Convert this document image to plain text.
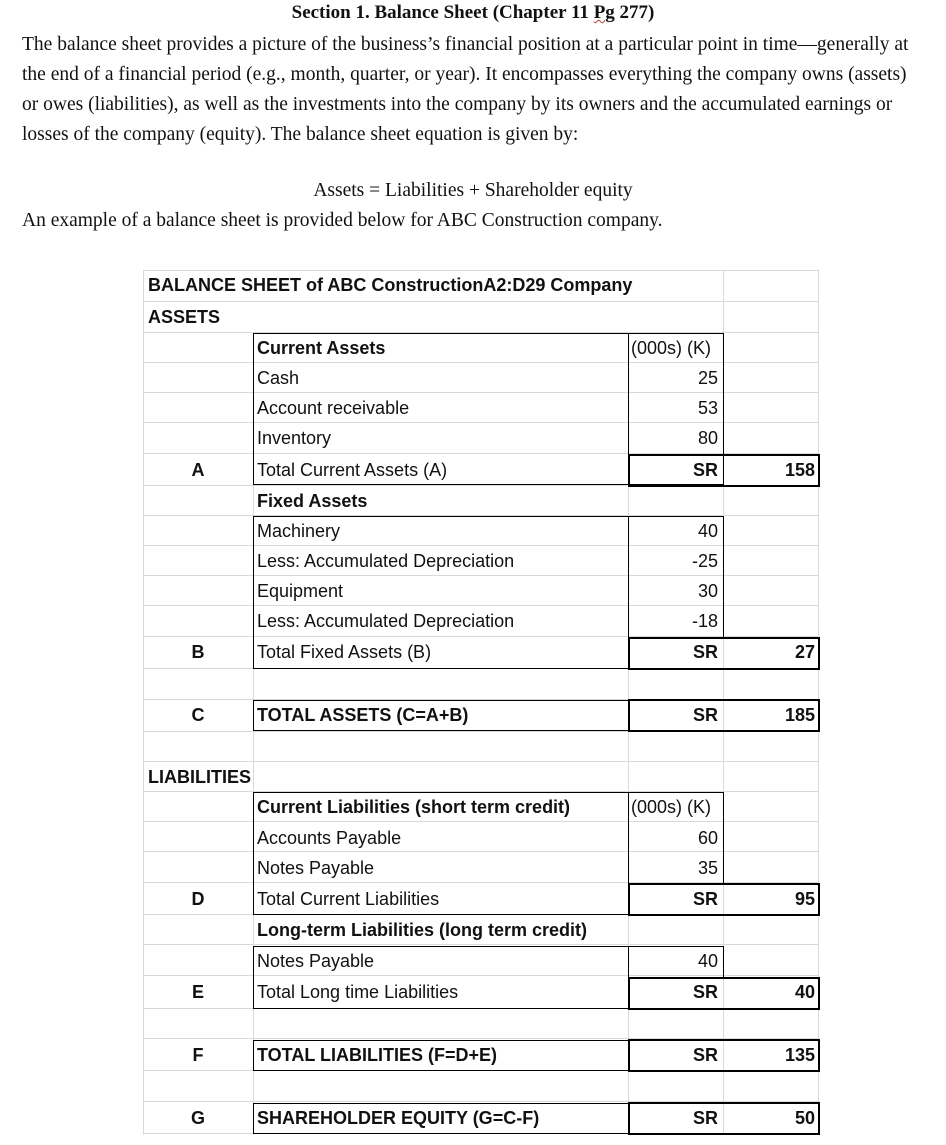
Section 1. Balance Sheet (Chapter 11 Pg 277)
The balance sheet provides a picture of the business’s financial position at a particular point in time—generally at the end of a financial period (e.g., month, quarter, or year). It encompasses everything the company owns (assets) or owes (liabilities), as well as the investments into the company by its owners and the accumulated earnings or losses of the company (equity). The balance sheet equation is given by:
Assets = Liabilities + Shareholder equity
An example of a balance sheet is provided below for ABC Construction company.
BALANCE SHEET of ABC ConstructionA2:D29 Company
ASSETS
Current Assets	(000s) (K)
Cash	25
Account receivable	53
Inventory	80
A	Total Current Assets (A)	SR	158
Fixed Assets
Machinery	40
Less: Accumulated Depreciation	-25
Equipment	30
Less: Accumulated Depreciation	-18
B	Total Fixed Assets (B)	SR	27
C	TOTAL ASSETS (C=A+B)	SR	185
LIABILITIES
Current Liabilities (short term credit)	(000s) (K)
Accounts Payable	60
Notes Payable	35
D	Total Current Liabilities	SR	95
Long-term Liabilities (long term credit)
Notes Payable	40
E	Total Long time Liabilities	SR	40
F	TOTAL LIABILITIES (F=D+E)	SR	135
G	SHAREHOLDER EQUITY (G=C-F)	SR	50
